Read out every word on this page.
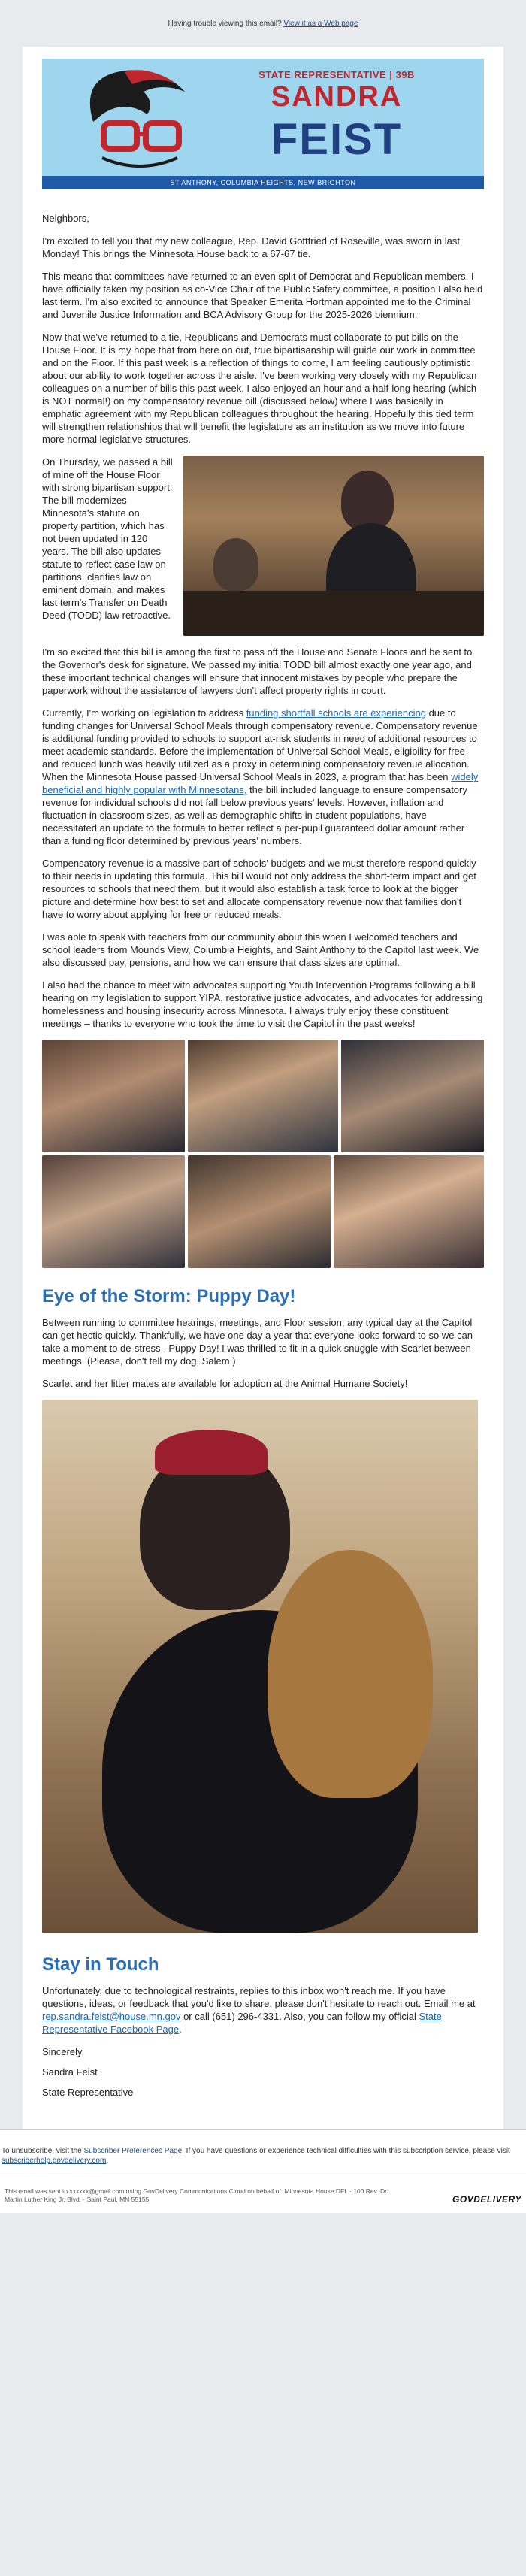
Having trouble viewing this email?
View it as a Web page
STATE REPRESENTATIVE | 39B
SANDRA
FEIST
ST ANTHONY, COLUMBIA HEIGHTS, NEW BRIGHTON

Neighbors,

I'm excited to tell you that my new colleague, Rep. David Gottfried of Roseville, was sworn in last Monday! This brings the Minnesota House back to a 67-67 tie.

This means that committees have returned to an even split of Democrat and Republican members. I have officially taken my position as co-Vice Chair of the Public Safety committee, a position I also held last term. I'm also excited to announce that Speaker Emerita Hortman appointed me to the Criminal and Juvenile Justice Information and BCA Advisory Group for the 2025-2026 biennium.

Now that we've returned to a tie, Republicans and Democrats must collaborate to put bills on the House Floor. It is my hope that from here on out, true bipartisanship will guide our work in committee and on the Floor. If this past week is a reflection of things to come, I am feeling cautiously optimistic about our ability to work together across the aisle. I've been working very closely with my Republican colleagues on a number of bills this past week. I also enjoyed an hour and a half-long hearing (which is NOT normal!) on my compensatory revenue bill (discussed below) where I was basically in emphatic agreement with my Republican colleagues throughout the hearing. Hopefully this tied term will strengthen relationships that will benefit the legislature as an institution as we move into future more normal legislative structures.

On Thursday, we passed a bill of mine off the House Floor with strong bipartisan support. The bill modernizes Minnesota's statute on property partition, which has not been updated in 120 years. The bill also updates statute to reflect case law on partitions, clarifies law on eminent domain, and makes last term's Transfer on Death Deed (TODD) law retroactive.

I'm so excited that this bill is among the first to pass off the House and Senate Floors and be sent to the Governor's desk for signature. We passed my initial TODD bill almost exactly one year ago, and these important technical changes will ensure that innocent mistakes by people who prepare the paperwork without the assistance of lawyers don't affect property rights in court.

Currently, I'm working on legislation to address funding shortfall schools are experiencing due to funding changes for Universal School Meals through compensatory revenue. Compensatory revenue is additional funding provided to schools to support at-risk students in need of additional resources to meet academic standards. Before the implementation of Universal School Meals, eligibility for free and reduced lunch was heavily utilized as a proxy in determining compensatory revenue allocation. When the Minnesota House passed Universal School Meals in 2023, a program that has been widely beneficial and highly popular with Minnesotans, the bill included language to ensure compensatory revenue for individual schools did not fall below previous years' levels. However, inflation and fluctuation in classroom sizes, as well as demographic shifts in student populations, have necessitated an update to the formula to better reflect a per-pupil guaranteed dollar amount rather than a funding floor determined by previous years' numbers.

Compensatory revenue is a massive part of schools' budgets and we must therefore respond quickly to their needs in updating this formula. This bill would not only address the short-term impact and get resources to schools that need them, but it would also establish a task force to look at the bigger picture and determine how best to set and allocate compensatory revenue now that families don't have to worry about applying for free or reduced meals.

I was able to speak with teachers from our community about this when I welcomed teachers and school leaders from Mounds View, Columbia Heights, and Saint Anthony to the Capitol last week. We also discussed pay, pensions, and how we can ensure that class sizes are optimal.

I also had the chance to meet with advocates supporting Youth Intervention Programs following a bill hearing on my legislation to support YIPA, restorative justice advocates, and advocates for addressing homelessness and housing insecurity across Minnesota. I always truly enjoy these constituent meetings – thanks to everyone who took the time to visit the Capitol in the past weeks!

Eye of the Storm: Puppy Day!

Between running to committee hearings, meetings, and Floor session, any typical day at the Capitol can get hectic quickly. Thankfully, we have one day a year that everyone looks forward to so we can take a moment to de-stress –Puppy Day! I was thrilled to fit in a quick snuggle with Scarlet between meetings. (Please, don't tell my dog, Salem.)

Scarlet and her litter mates are available for adoption at the Animal Humane Society!

Stay in Touch

Unfortunately, due to technological restraints, replies to this inbox won't reach me. If you have questions, ideas, or feedback that you'd like to share, please don't hesitate to reach out. Email me at rep.sandra.feist@house.mn.gov or call (651) 296-4331. Also, you can follow my official State Representative Facebook Page.

Sincerely,

Sandra Feist

State Representative

To unsubscribe, visit the Subscriber Preferences Page. If you have questions or experience technical difficulties with this subscription service, please visit subscriberhelp.govdelivery.com.
This email was sent to xxxxxx@gmail.com using GovDelivery Communications Cloud on behalf of: Minnesota House DFL · 100 Rev. Dr. Martin Luther King Jr. Blvd. · Saint Paul, MN 55155	GOVDELIVERY
